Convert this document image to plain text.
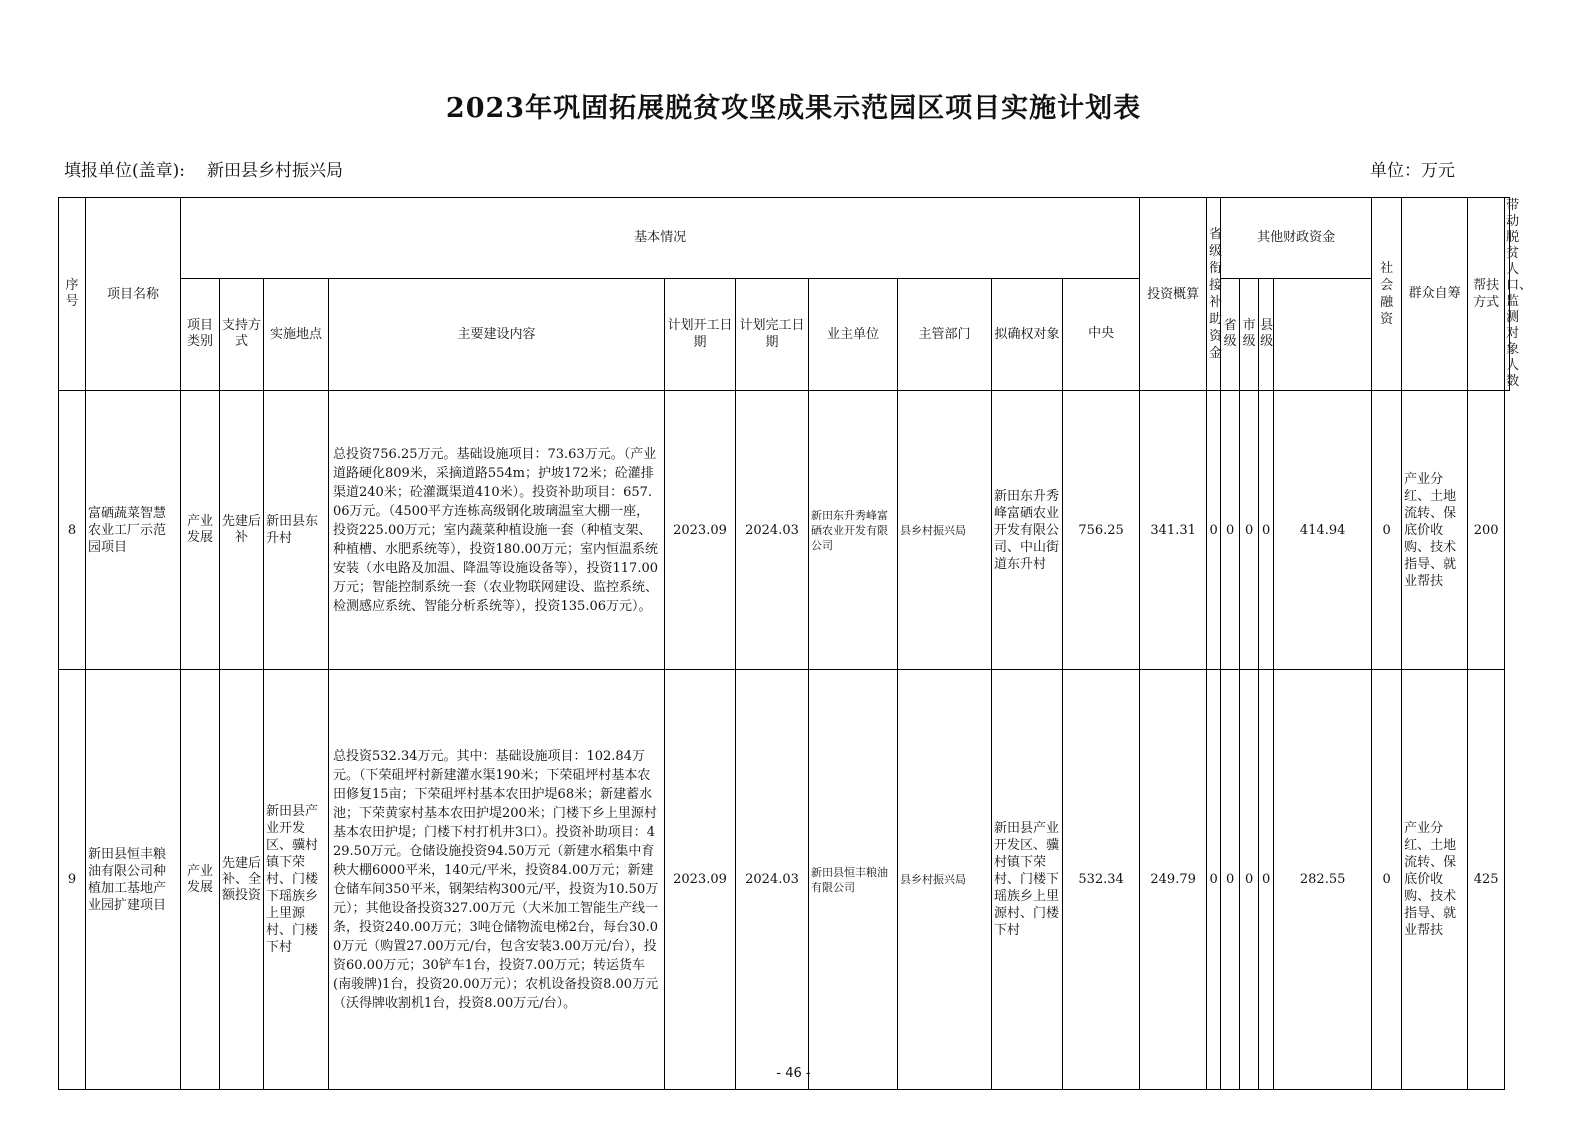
2023年巩固拓展脱贫攻坚成果示范园区项目实施计划表
填报单位(盖章): 新田县乡村振兴局	单位：万元
序号	项目名称	基本情况										投资概算	省级衔接补助资金	其他财政资金				社会融资	群众自筹	帮扶方式	带动脱贫人口、监测对象人数
		项目类别	支持方式	实施地点	主要建设内容	计划开工日期	计划完工日期	业主单位	主管部门	拟确权对象	中央			省级	市级	县级					
8	富硒蔬菜智慧农业工厂示范园项目	产业发展	先建后补	新田县东升村	总投资756.25万元。基础设施项目：73.63万元。（产业道路硬化809米，采摘道路554m；护坡172米；砼灌排渠道240米；砼灌溉渠道410米）。投资补助项目：657.06万元。（4500平方连栋高级钢化玻璃温室大棚一座，投资225.00万元；室内蔬菜种植设施一套（种植支架、种植槽、水肥系统等），投资180.00万元；室内恒温系统安装（水电路及加温、降温等设施设备等），投资117.00万元；智能控制系统一套（农业物联网建设、监控系统、检测感应系统、智能分析系统等），投资135.06万元）。	2023.09	2024.03	新田东升秀峰富硒农业开发有限公司	县乡村振兴局	新田东升秀峰富硒农业开发有限公司、中山街道东升村	756.25	341.31	0	0	0	0	414.94	0	产业分红、土地流转、保底价收购、技术指导、就业帮扶	200	
9	新田县恒丰粮油有限公司种植加工基地产业园扩建项目	产业发展	先建后补、全额投资	新田县产业开发区、骥村镇下荣村、门楼下瑶族乡上里源村、门楼下村	总投资532.34万元。其中：基础设施项目：102.84万元。（下荣砠坪村新建灌水渠190米；下荣砠坪村基本农田修复15亩；下荣砠坪村基本农田护堤68米；新建蓄水池；下荣黄家村基本农田护堤200米；门楼下乡上里源村基本农田护堤；门楼下村打机井3口）。投资补助项目：429.50万元。仓储设施投资94.50万元（新建水稻集中育秧大棚6000平米，140元/平米，投资84.00万元；新建仓储车间350平米，钢架结构300元/平，投资为10.50万元）；其他设备投资327.00万元（大米加工智能生产线一条，投资240.00万元；3吨仓储物流电梯2台，每台30.00万元（购置27.00万元/台，包含安装3.00万元/台），投资60.00万元；30铲车1台，投资7.00万元；转运货车(南骏牌)1台，投资20.00万元）；农机设备投资8.00万元（沃得牌收割机1台，投资8.00万元/台）。	2023.09	2024.03	新田县恒丰粮油有限公司	县乡村振兴局	新田县产业开发区、骥村镇下荣村、门楼下瑶族乡上里源村、门楼下村	532.34	249.79	0	0	0	0	282.55	0	产业分红、土地流转、保底价收购、技术指导、就业帮扶	425	
- 46 -
